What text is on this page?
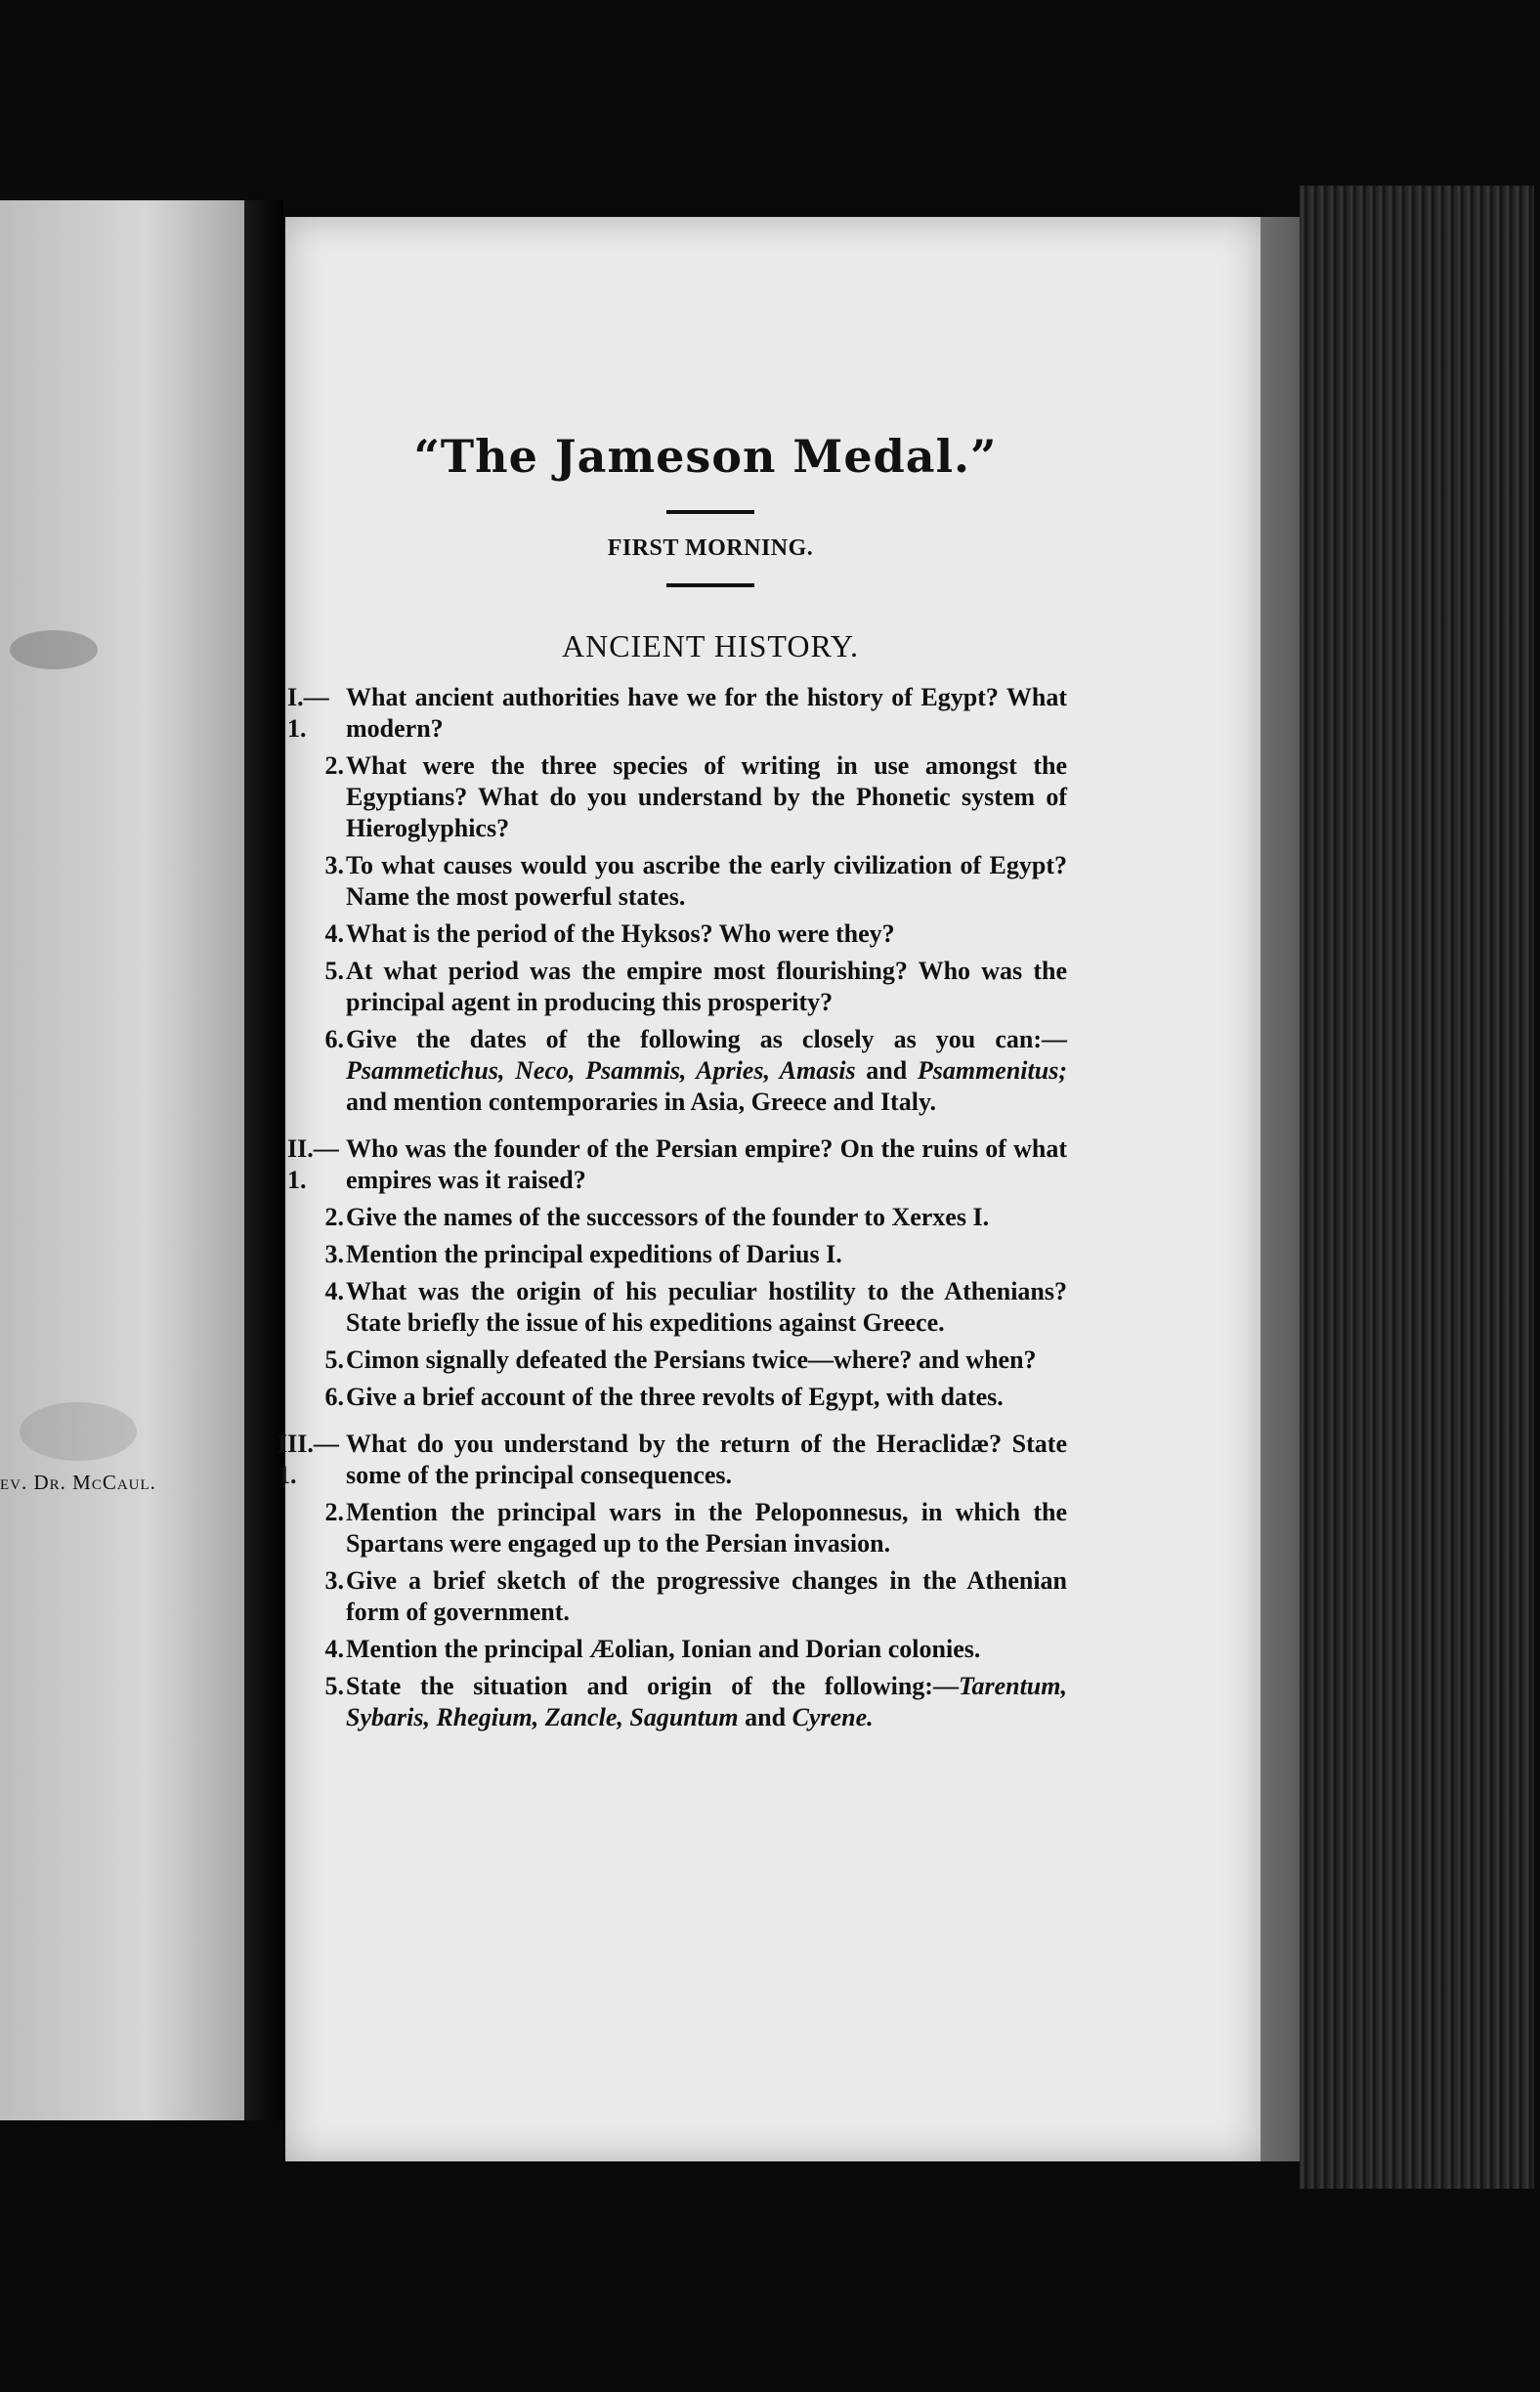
ev. Dr. McCaul.
“The Jameson Medal.”
FIRST MORNING.
ANCIENT HISTORY.
I.—1.
What ancient authorities have we for the history of Egypt? What modern?
2. What were the three species of writing in use amongst the Egyptians? What do you understand by the Phonetic system of Hieroglyphics?
3. To what causes would you ascribe the early civilization of Egypt? Name the most powerful states.
4. What is the period of the Hyksos? Who were they?
5. At what period was the empire most flourishing? Who was the principal agent in producing this prosperity?
6. Give the dates of the following as closely as you can:— Psammetichus, Neco, Psammis, Apries, Amasis and Psammenitus; and mention contemporaries in Asia, Greece and Italy.
II.—1.
Who was the founder of the Persian empire? On the ruins of what empires was it raised?
2. Give the names of the successors of the founder to Xerxes I.
3. Mention the principal expeditions of Darius I.
4. What was the origin of his peculiar hostility to the Athenians? State briefly the issue of his expeditions against Greece.
5. Cimon signally defeated the Persians twice—where? and when?
6. Give a brief account of the three revolts of Egypt, with dates.
III.—1.
What do you understand by the return of the Heraclidæ? State some of the principal consequences.
2. Mention the principal wars in the Peloponnesus, in which the Spartans were engaged up to the Persian invasion.
3. Give a brief sketch of the progressive changes in the Athenian form of government.
4. Mention the principal Æolian, Ionian and Dorian colonies.
5. State the situation and origin of the following:—Tarentum, Sybaris, Rhegium, Zancle, Saguntum and Cyrene.
